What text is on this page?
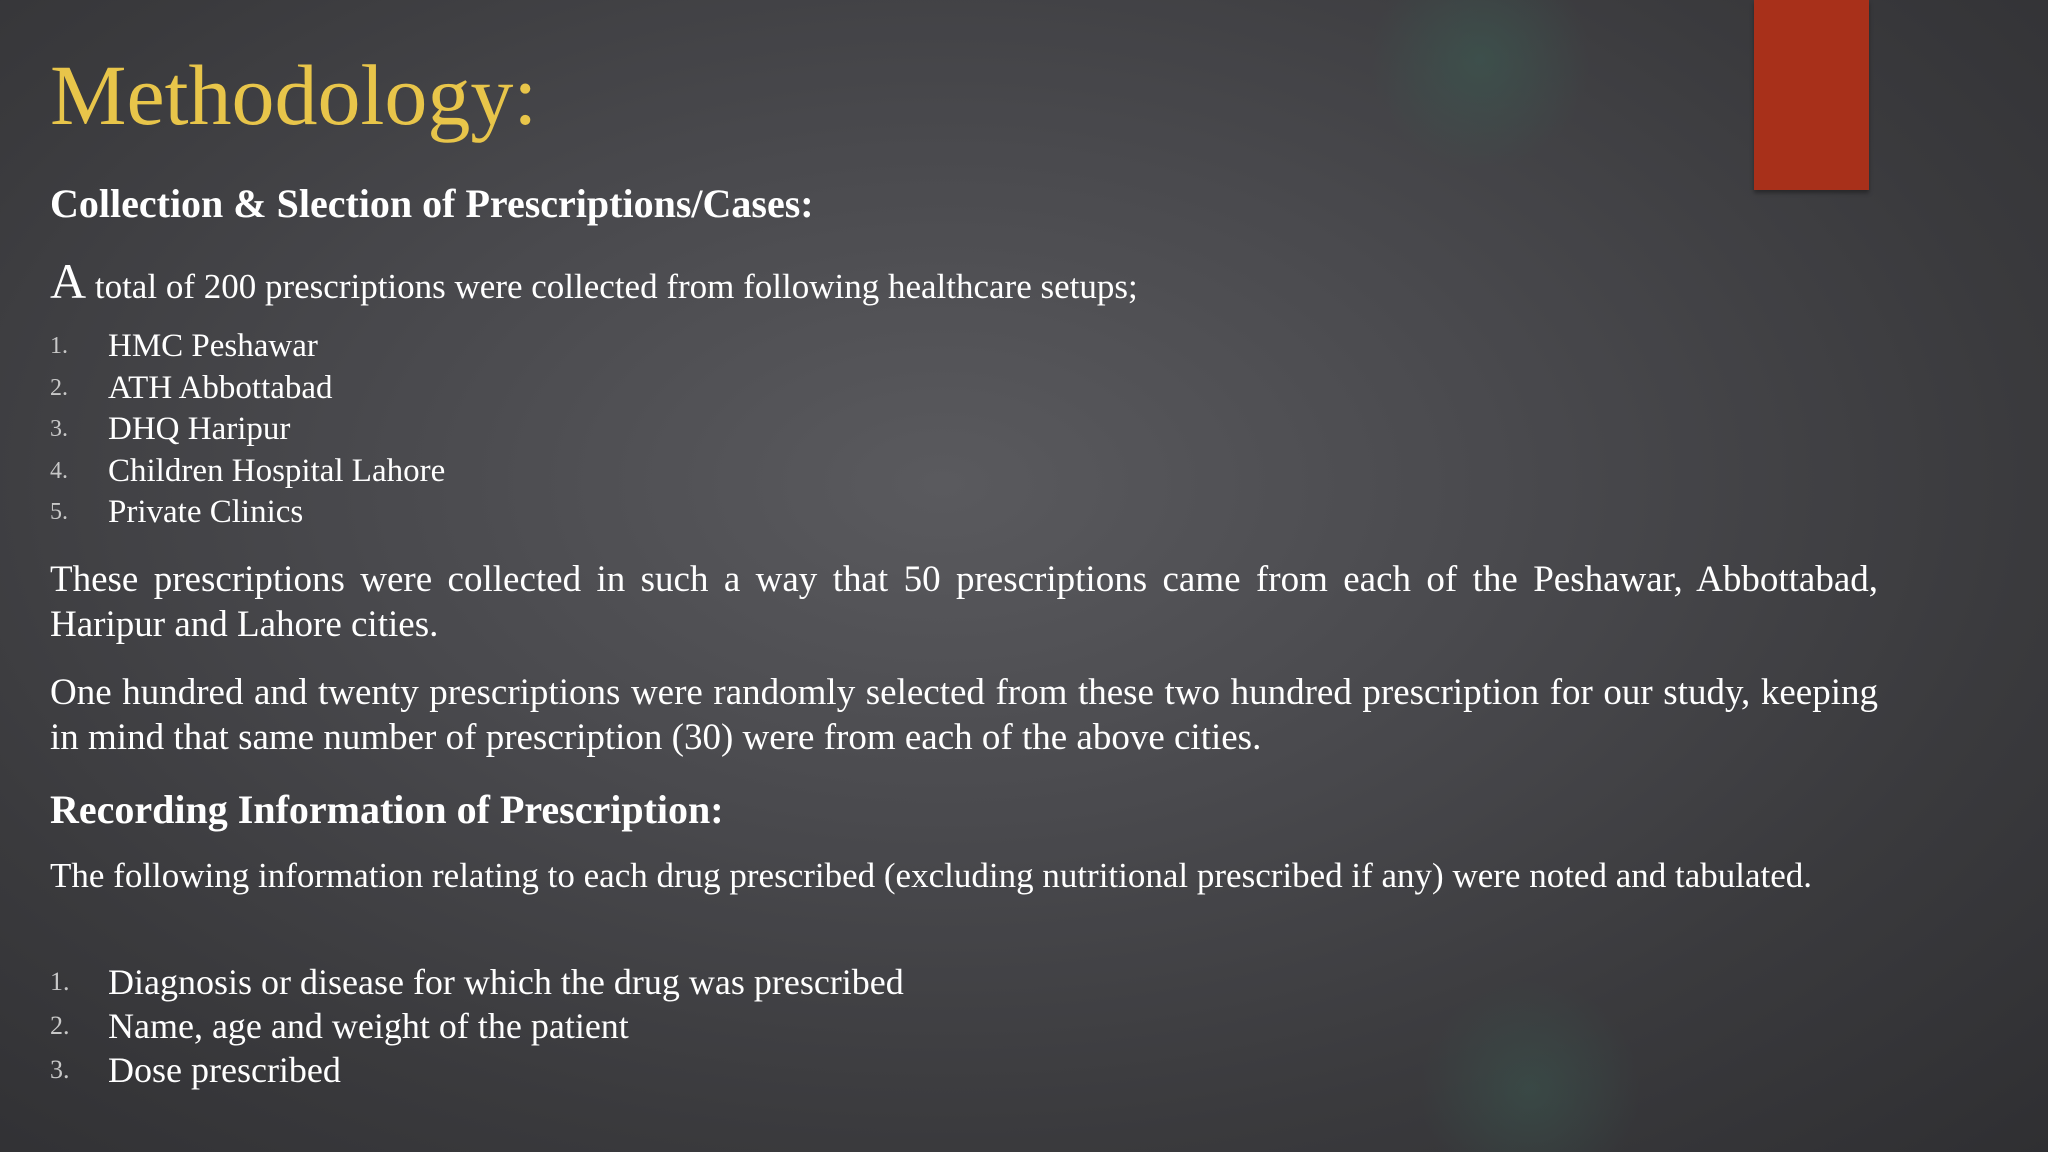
Methodology:
Collection & Slection of Prescriptions/Cases:

A total of 200 prescriptions were collected from following healthcare setups;

1. HMC Peshawar
2. ATH Abbottabad
3. DHQ Haripur
4. Children Hospital Lahore
5. Private Clinics

These prescriptions were collected in such a way that 50 prescriptions came from each of the Peshawar, Abbottabad, Haripur and Lahore cities.

One hundred and twenty prescriptions were randomly selected from these two hundred prescription for our study, keeping in mind that same number of prescription (30) were from each of the above cities.

Recording Information of Prescription:

The following information relating to each drug prescribed (excluding nutritional prescribed if any) were noted and tabulated.

1. Diagnosis or disease for which the drug was prescribed
2. Name, age and weight of the patient
3. Dose prescribed
